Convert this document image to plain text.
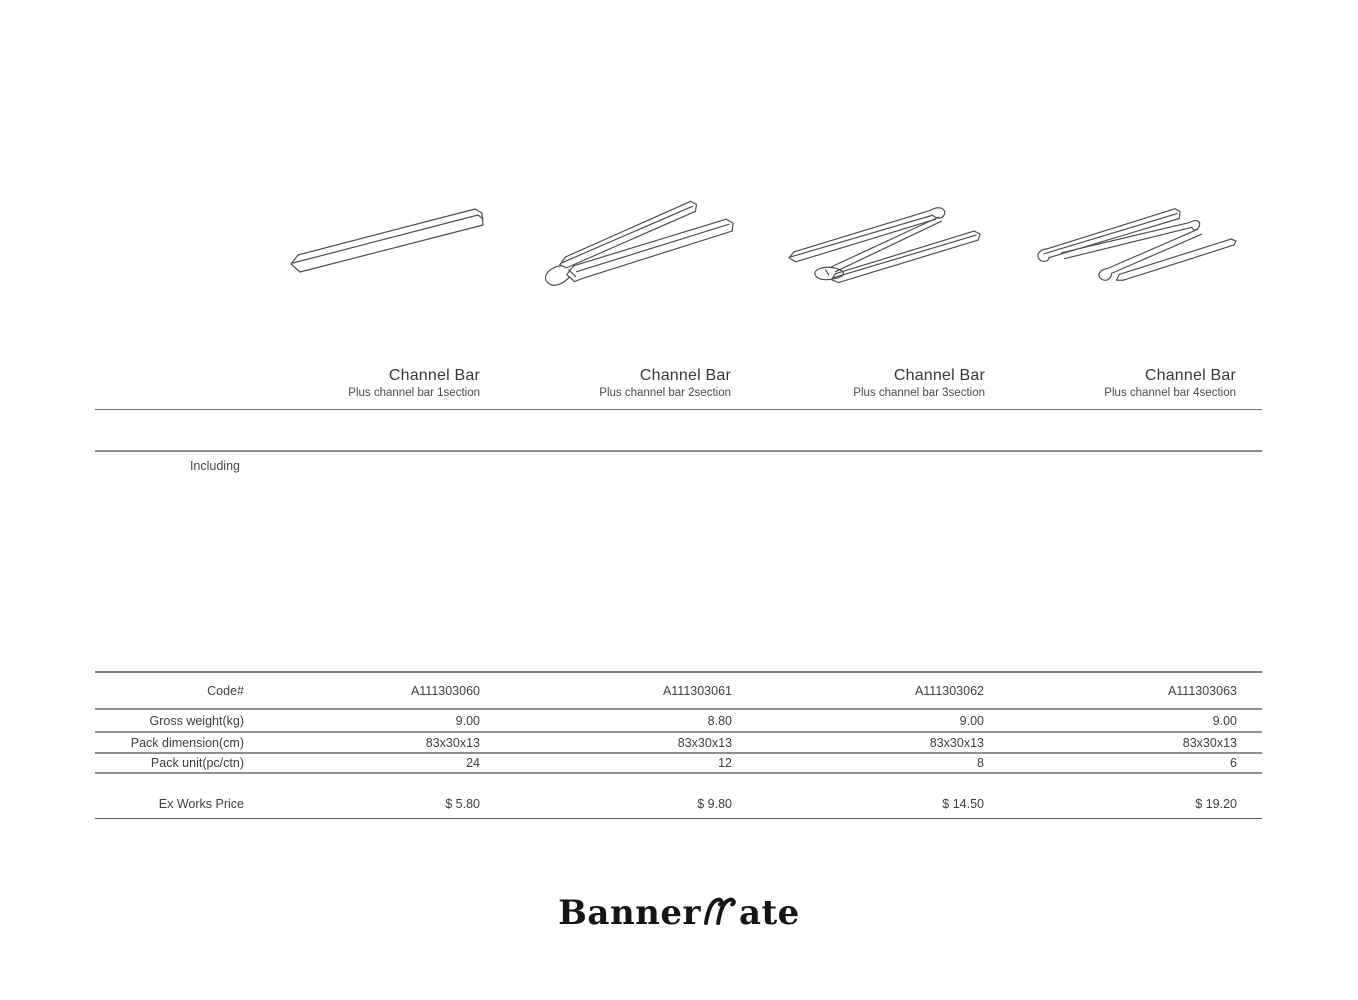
Channel Bar
Plus channel bar 1section
Channel Bar
Plus channel bar 2section
Channel Bar
Plus channel bar 3section
Channel Bar
Plus channel bar 4section
Including
Code#	A111303060	A111303061	A111303062	A111303063
Gross weight(kg)	9.00	8.80	9.00	9.00
Pack dimension(cm)	83x30x13	83x30x13	83x30x13	83x30x13
Pack unit(pc/ctn)	24	12	8	6
Ex Works Price	$ 5.80	$ 9.80	$ 14.50	$ 19.20
Banner ate
